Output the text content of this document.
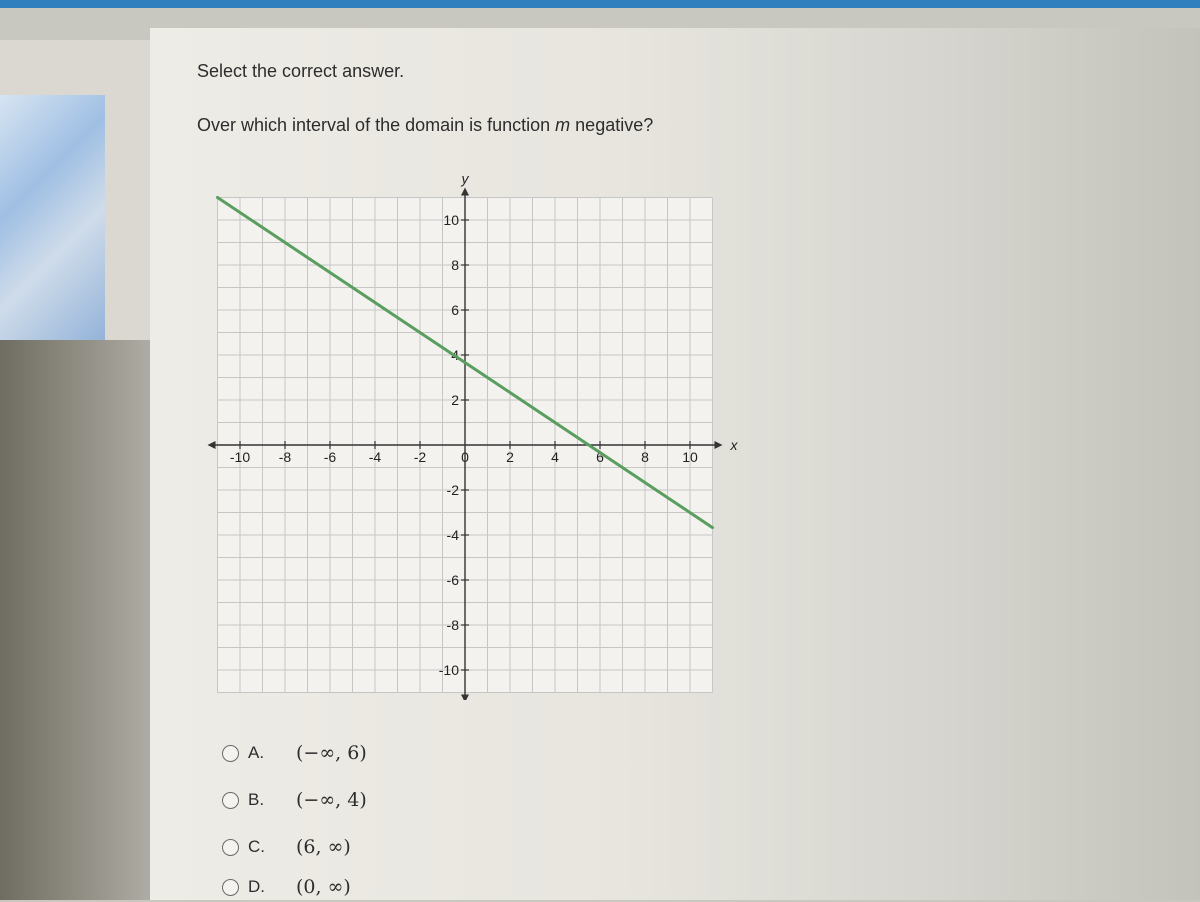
Select the correct answer.
Over which interval of the domain is function m negative?
-10 -8 -6 -4 -2 0	2	4	6	8 10
10
8
6
4
2
-2
-4
-6
-8
-10
x
y
A.	(−∞, 6)
B.	(−∞, 4)
C.	(6, ∞)
D.	(0, ∞)
